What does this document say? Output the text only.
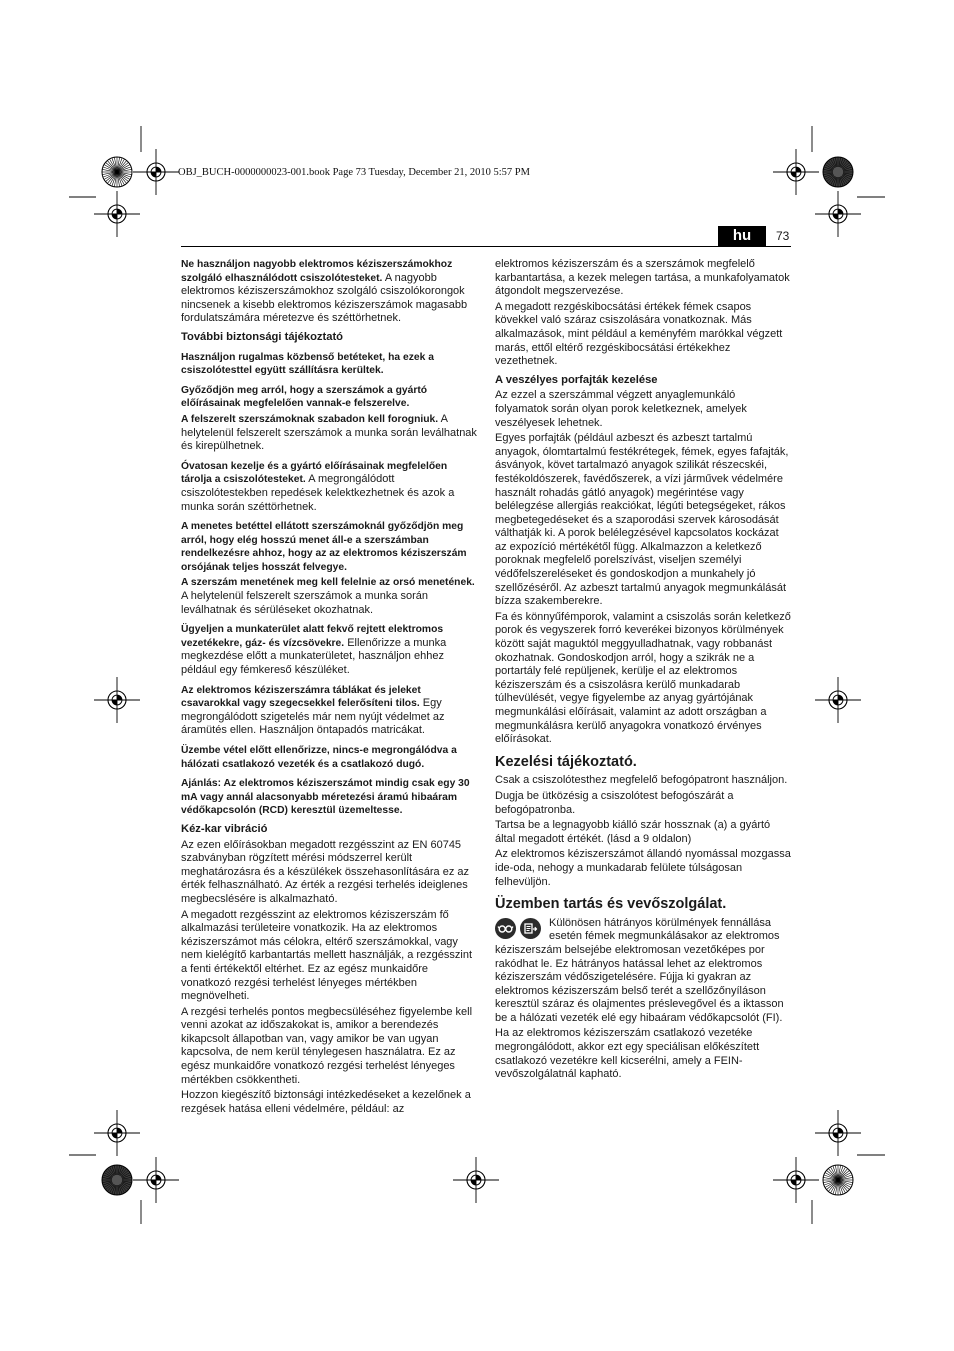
OBJ_BUCH-0000000023-001.book Page 73 Tuesday, December 21, 2010 5:57 PM
hu	73

Ne használjon nagyobb elektromos kéziszerszámokhoz szolgáló elhasználódott csiszolótesteket. A nagyobb elektromos kéziszerszámokhoz szolgáló csiszolókorongok nincsenek a kisebb elektromos kéziszerszámok magasabb fordulatszámára méretezve és széttörhetnek.

További biztonsági tájékoztató

Használjon rugalmas közbenső betéteket, ha ezek a csiszolótesttel együtt szállításra kerültek.

Győződjön meg arról, hogy a szerszámok a gyártó előírásainak megfelelően vannak-e felszerelve.

A felszerelt szerszámoknak szabadon kell forogniuk. A helytelenül felszerelt szerszámok a munka során leválhatnak és kirepülhetnek.

Óvatosan kezelje és a gyártó előírásainak megfelelően tárolja a csiszolótesteket. A megrongálódott csiszolótestekben repedések kelektkezhetnek és azok a munka során széttörhetnek.

A menetes betéttel ellátott szerszámoknál győződjön meg arról, hogy elég hosszú menet áll-e a szerszámban rendelkezésre ahhoz, hogy az az elektromos kéziszerszám orsójának teljes hosszát felvegye.

A szerszám menetének meg kell felelnie az orsó menetének. A helytelenül felszerelt szerszámok a munka során leválhatnak és sérüléseket okozhatnak.

Ügyeljen a munkaterület alatt fekvő rejtett elektromos vezetékekre, gáz- és vízcsövekre. Ellenőrizze a munka megkezdése előtt a munkaterületet, használjon ehhez például egy fémkereső készüléket.

Az elektromos kéziszerszámra táblákat és jeleket csavarokkal vagy szegecsekkel felerősíteni tilos. Egy megrongálódott szigetelés már nem nyújt védelmet az áramütés ellen. Használjon öntapadós matricákat.

Üzembe vétel előtt ellenőrizze, nincs-e megrongálódva a hálózati csatlakozó vezeték és a csatlakozó dugó.

Ajánlás: Az elektromos kéziszerszámot mindig csak egy 30 mA vagy annál alacsonyabb méretezési áramú hibaáram védőkapcsolón (RCD) keresztül üzemeltesse.

Kéz-kar vibráció

Az ezen előírásokban megadott rezgésszint az EN 60745 szabványban rögzített mérési módszerrel került meghatározásra és a készülékek összehasonlítására ez az érték felhasználható. Az érték a rezgési terhelés ideiglenes megbecslésére is alkalmazható.

A megadott rezgésszint az elektromos kéziszerszám fő alkalmazási területeire vonatkozik. Ha az elektromos kéziszerszámot más célokra, eltérő szerszámokkal, vagy nem kielégítő karbantartás mellett használják, a rezgésszint a fenti értékektől eltérhet. Ez az egész munkaidőre vonatkozó rezgési terhelést lényeges mértékben megnövelheti.

A rezgési terhelés pontos megbecsüléséhez figyelembe kell venni azokat az időszakokat is, amikor a berendezés kikapcsolt állapotban van, vagy amikor be van ugyan kapcsolva, de nem kerül ténylegesen használatra. Ez az egész munkaidőre vonatkozó rezgési terhelést lényeges mértékben csökkentheti.

Hozzon kiegészítő biztonsági intézkedéseket a kezelőnek a rezgések hatása elleni védelmére, például: az

elektromos kéziszerszám és a szerszámok megfelelő karbantartása, a kezek melegen tartása, a munkafolyamatok átgondolt megszervezése.

A megadott rezgéskibocsátási értékek fémek csapos kövekkel való száraz csiszolására vonatkoznak. Más alkalmazások, mint például a keményfém marókkal végzett marás, ettől eltérő rezgéskibocsátási értékekhez vezethetnek.

A veszélyes porfajták kezelése

Az ezzel a szerszámmal végzett anyaglemunkáló folyamatok során olyan porok keletkeznek, amelyek veszélyesek lehetnek.

Egyes porfajták (például azbeszt és azbeszt tartalmú anyagok, ólomtartalmú festékrétegek, fémek, egyes fafajták, ásványok, követ tartalmazó anyagok szilikát részecskéi, festékoldószerek, favédőszerek, a vízi járművek védelmére használt rohadás gátló anyagok) megérintése vagy belélegzése allergiás reakciókat, légúti betegségeket, rákos megbetegedéseket és a szaporodási szervek károsodását válthatják ki. A porok belélegzésével kapcsolatos kockázat az expozíció mértékétől függ. Alkalmazzon a keletkező poroknak megfelelő porelszívást, viseljen személyi védőfelszereléseket és gondoskodjon a munkahely jó szellőzéséről. Az azbeszt tartalmú anyagok megmunkálását bízza szakemberekre.

Fa és könnyűfémporok, valamint a csiszolás során keletkező porok és vegyszerek forró keverékei bizonyos körülmények között saját maguktól meggyulladhatnak, vagy robbanást okozhatnak. Gondoskodjon arról, hogy a szikrák ne a portartály felé repüljenek, kerülje el az elektromos kéziszerszám és a csiszolásra kerülő munkadarab túlhevülését, vegye figyelembe az anyag gyártójának megmunkálási előírásait, valamint az adott országban a megmunkálásra kerülő anyagokra vonatkozó érvényes előírásokat.

Kezelési tájékoztató.

Csak a csiszolótesthez megfelelő befogópatront használjon.

Dugja be ütközésig a csiszolótest befogószárát a befogópatronba.

Tartsa be a legnagyobb kiálló szár hossznak (a) a gyártó által megadott értékét. (lásd a 9 oldalon)

Az elektromos kéziszerszámot állandó nyomással mozgassa ide-oda, nehogy a munkadarab felülete túlságosan felhevüljön.

Üzemben tartás és vevőszolgálat.

Különösen hátrányos körülmények fennállása esetén fémek megmunkálásakor az elektromos kéziszerszám belsejébe elektromosan vezetőképes por rakódhat le. Ez hátrányos hatással lehet az elektromos kéziszerszám védőszigetelésére. Fújja ki gyakran az elektromos kéziszerszám belső terét a szellőzőnyíláson keresztül száraz és olajmentes préslevegővel és a iktasson be a hálózati vezeték elé egy hibaáram védőkapcsolót (FI).

Ha az elektromos kéziszerszám csatlakozó vezetéke megrongálódott, akkor ezt egy speciálisan előkészített csatlakozó vezetékre kell kicserélni, amely a FEIN-vevőszolgálatnál kapható.
